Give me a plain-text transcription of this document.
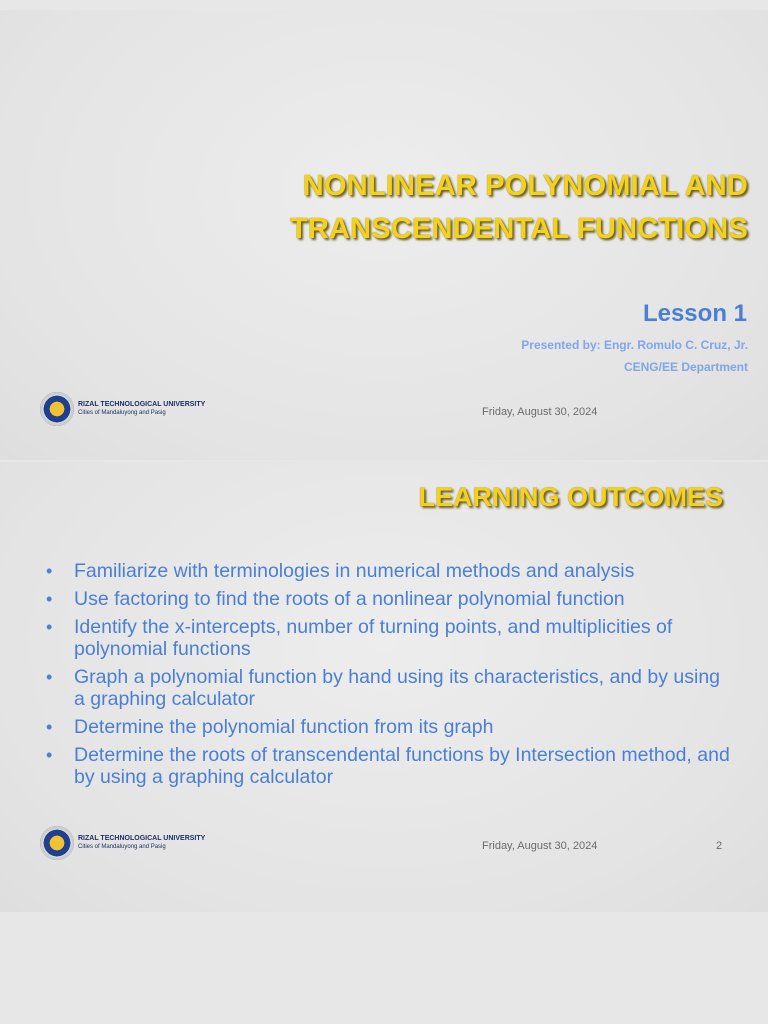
​
NONLINEAR POLYNOMIAL AND
TRANSCENDENTAL FUNCTIONS
Lesson 1
Presented by: Engr. Romulo C. Cruz, Jr.
CENG/EE Department
RIZAL TECHNOLOGICAL UNIVERSITY
Cities of Mandaluyong and Pasig	Friday, August 30, 2024
LEARNING OUTCOMES
• Familiarize with terminologies in numerical methods and analysis
• Use factoring to find the roots of a nonlinear polynomial function
• Identify the x-intercepts, number of turning points, and multiplicities of polynomial functions
• Graph a polynomial function by hand using its characteristics, and by using a graphing calculator
• Determine the polynomial function from its graph
• Determine the roots of transcendental functions by Intersection method, and by using a graphing calculator
RIZAL TECHNOLOGICAL UNIVERSITY
Cities of Mandaluyong and Pasig	Friday, August 30, 2024	2
